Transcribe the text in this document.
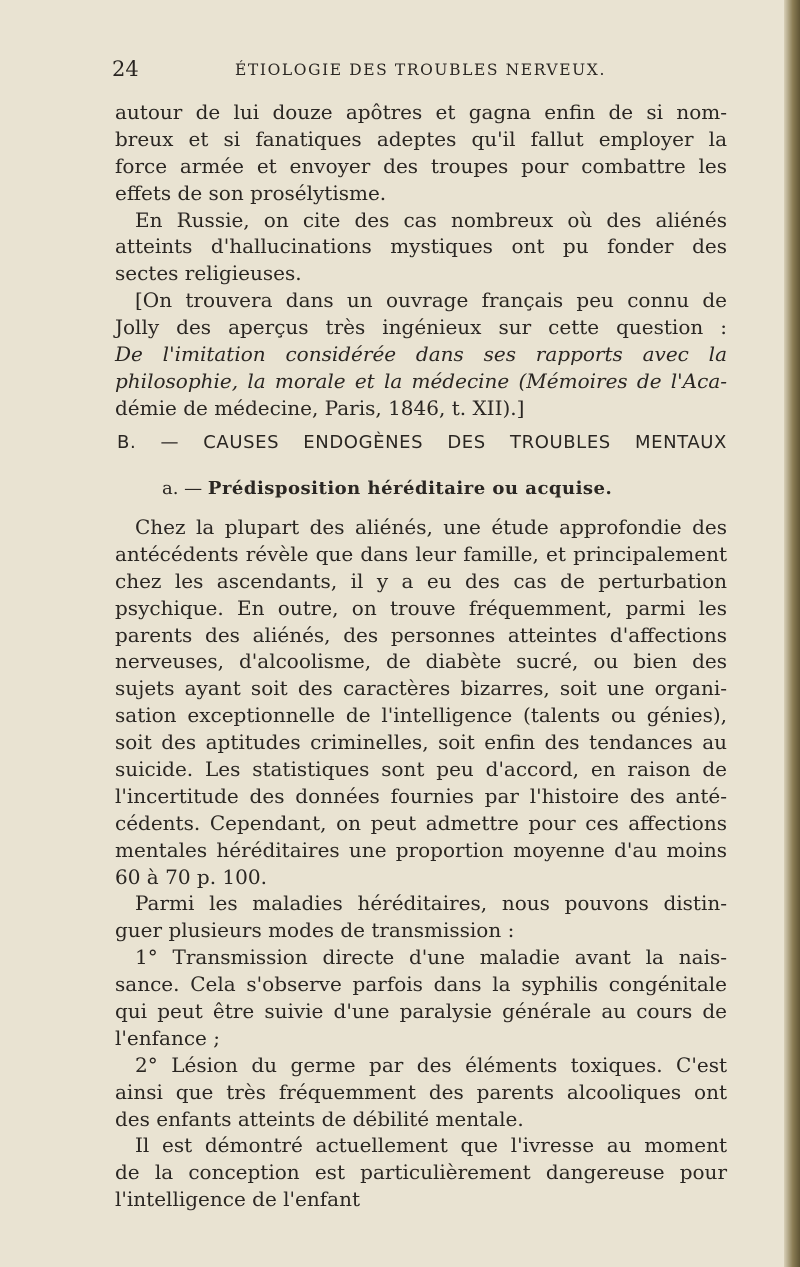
24	ÉTIOLOGIE DES TROUBLES NERVEUX.
autour de lui douze apôtres et gagna enfin de si nom-
breux et si fanatiques adeptes qu'il fallut employer la
force armée et envoyer des troupes pour combattre les
effets de son prosélytisme.
En Russie, on cite des cas nombreux où des aliénés
atteints d'hallucinations mystiques ont pu fonder des
sectes religieuses.
[On trouvera dans un ouvrage français peu connu de
Jolly des aperçus très ingénieux sur cette question :
De l'imitation considérée dans ses rapports avec la
philosophie, la morale et la médecine (Mémoires de l'Aca-
démie de médecine, Paris, 1846, t. XII).]
B. — CAUSES ENDOGÈNES DES TROUBLES MENTAUX
a. — Prédisposition héréditaire ou acquise.
Chez la plupart des aliénés, une étude approfondie des
antécédents révèle que dans leur famille, et principalement
chez les ascendants, il y a eu des cas de perturbation
psychique. En outre, on trouve fréquemment, parmi les
parents des aliénés, des personnes atteintes d'affections
nerveuses, d'alcoolisme, de diabète sucré, ou bien des
sujets ayant soit des caractères bizarres, soit une organi-
sation exceptionnelle de l'intelligence (talents ou génies),
soit des aptitudes criminelles, soit enfin des tendances au
suicide. Les statistiques sont peu d'accord, en raison de
l'incertitude des données fournies par l'histoire des anté-
cédents. Cependant, on peut admettre pour ces affections
mentales héréditaires une proportion moyenne d'au moins
60 à 70 p. 100.
Parmi les maladies héréditaires, nous pouvons distin-
guer plusieurs modes de transmission :
1° Transmission directe d'une maladie avant la nais-
sance. Cela s'observe parfois dans la syphilis congénitale
qui peut être suivie d'une paralysie générale au cours de
l'enfance ;
2° Lésion du germe par des éléments toxiques. C'est
ainsi que très fréquemment des parents alcooliques ont
des enfants atteints de débilité mentale.
Il est démontré actuellement que l'ivresse au moment
de la conception est particulièrement dangereuse pour
l'intelligence de l'enfant
